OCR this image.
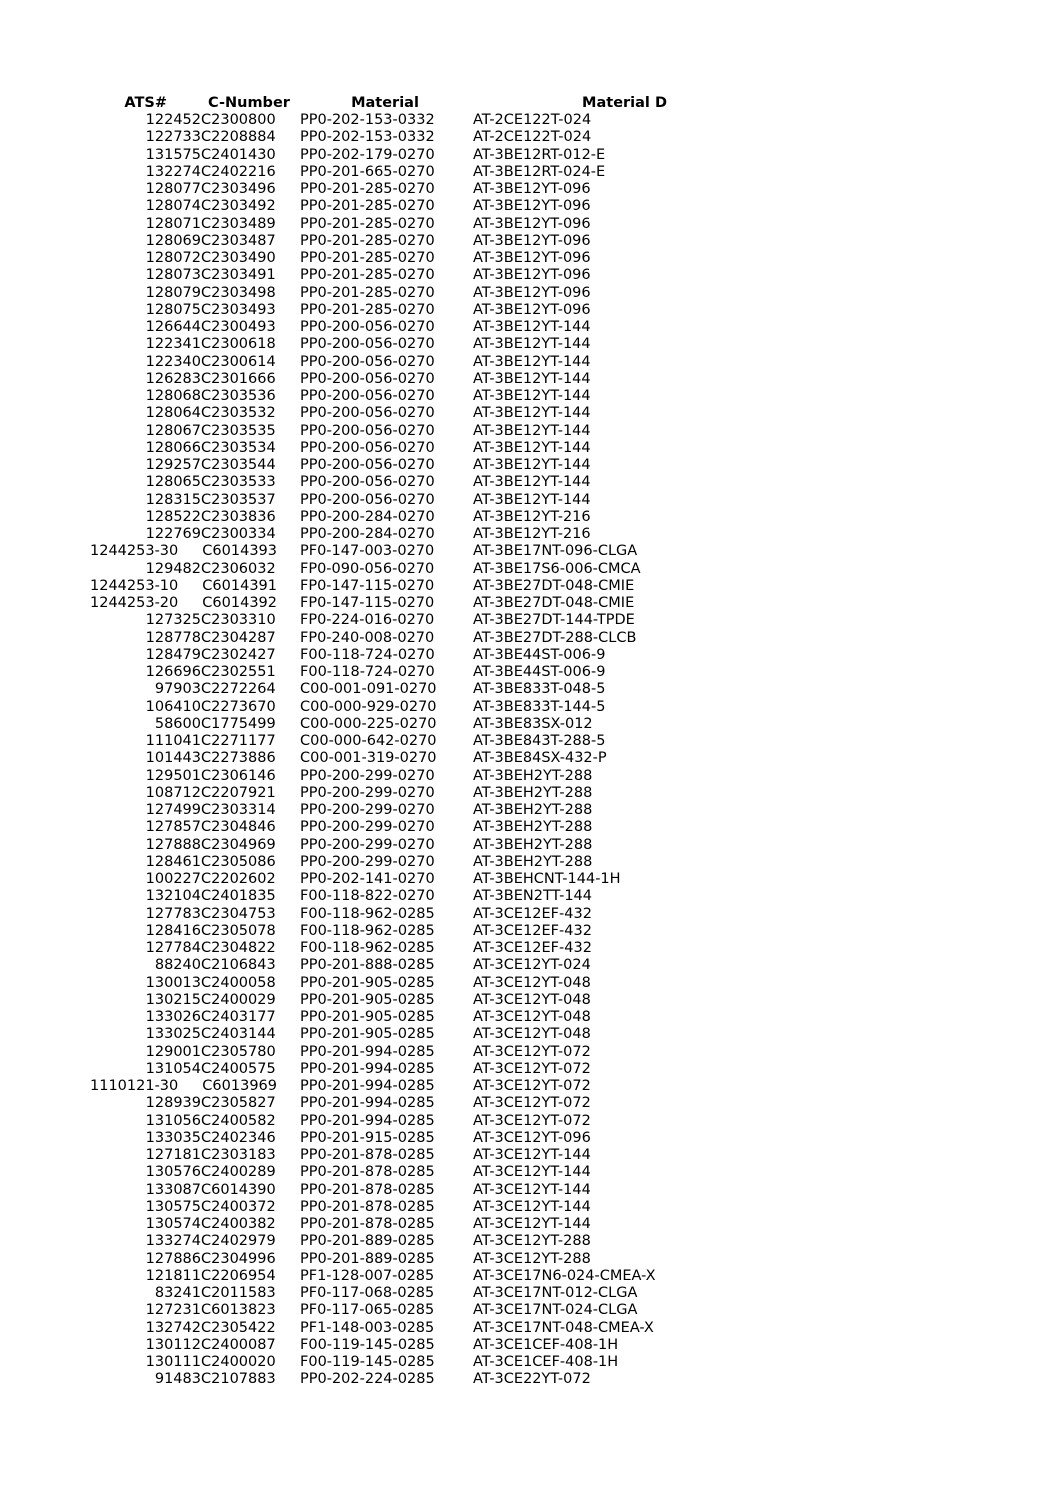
ATS#	C-Number	Material	Material D
122452 C2300800	PP0-202-153-0332	AT-2CE122T-024
122733 C2208884	PP0-202-153-0332	AT-2CE122T-024
131575 C2401430	PP0-202-179-0270	AT-3BE12RT-012-E
132274 C2402216	PP0-201-665-0270	AT-3BE12RT-024-E
128077 C2303496	PP0-201-285-0270	AT-3BE12YT-096
128074 C2303492	PP0-201-285-0270	AT-3BE12YT-096
128071 C2303489	PP0-201-285-0270	AT-3BE12YT-096
128069 C2303487	PP0-201-285-0270	AT-3BE12YT-096
128072 C2303490	PP0-201-285-0270	AT-3BE12YT-096
128073 C2303491	PP0-201-285-0270	AT-3BE12YT-096
128079 C2303498	PP0-201-285-0270	AT-3BE12YT-096
128075 C2303493	PP0-201-285-0270	AT-3BE12YT-096
126644 C2300493	PP0-200-056-0270	AT-3BE12YT-144
122341 C2300618	PP0-200-056-0270	AT-3BE12YT-144
122340 C2300614	PP0-200-056-0270	AT-3BE12YT-144
126283 C2301666	PP0-200-056-0270	AT-3BE12YT-144
128068 C2303536	PP0-200-056-0270	AT-3BE12YT-144
128064 C2303532	PP0-200-056-0270	AT-3BE12YT-144
128067 C2303535	PP0-200-056-0270	AT-3BE12YT-144
128066 C2303534	PP0-200-056-0270	AT-3BE12YT-144
129257 C2303544	PP0-200-056-0270	AT-3BE12YT-144
128065 C2303533	PP0-200-056-0270	AT-3BE12YT-144
128315 C2303537	PP0-200-056-0270	AT-3BE12YT-144
128522 C2303836	PP0-200-284-0270	AT-3BE12YT-216
122769 C2300334	PP0-200-284-0270	AT-3BE12YT-216
1244253-30	C6014393 PF0-147-003-0270	AT-3BE17NT-096-CLGA
129482 C2306032	FP0-090-056-0270	AT-3BE17S6-006-CMCA
1244253-10	C6014391 FP0-147-115-0270	AT-3BE27DT-048-CMIE
1244253-20	C6014392 FP0-147-115-0270	AT-3BE27DT-048-CMIE
127325 C2303310	FP0-224-016-0270	AT-3BE27DT-144-TPDE
128778 C2304287	FP0-240-008-0270	AT-3BE27DT-288-CLCB
128479 C2302427	F00-118-724-0270	AT-3BE44ST-006-9
126696 C2302551	F00-118-724-0270	AT-3BE44ST-006-9
97903 C2272264	C00-001-091-0270	AT-3BE833T-048-5
106410 C2273670	C00-000-929-0270	AT-3BE833T-144-5
58600 C1775499	C00-000-225-0270	AT-3BE83SX-012
111041 C2271177	C00-000-642-0270	AT-3BE843T-288-5
101443 C2273886	C00-001-319-0270	AT-3BE84SX-432-P
129501 C2306146	PP0-200-299-0270	AT-3BEH2YT-288
108712 C2207921	PP0-200-299-0270	AT-3BEH2YT-288
127499 C2303314	PP0-200-299-0270	AT-3BEH2YT-288
127857 C2304846	PP0-200-299-0270	AT-3BEH2YT-288
127888 C2304969	PP0-200-299-0270	AT-3BEH2YT-288
128461 C2305086	PP0-200-299-0270	AT-3BEH2YT-288
100227 C2202602	PP0-202-141-0270	AT-3BEHCNT-144-1H
132104 C2401835	F00-118-822-0270	AT-3BEN2TT-144
127783 C2304753	F00-118-962-0285	AT-3CE12EF-432
128416 C2305078	F00-118-962-0285	AT-3CE12EF-432
127784 C2304822	F00-118-962-0285	AT-3CE12EF-432
88240 C2106843	PP0-201-888-0285	AT-3CE12YT-024
130013 C2400058	PP0-201-905-0285	AT-3CE12YT-048
130215 C2400029	PP0-201-905-0285	AT-3CE12YT-048
133026 C2403177	PP0-201-905-0285	AT-3CE12YT-048
133025 C2403144	PP0-201-905-0285	AT-3CE12YT-048
129001 C2305780	PP0-201-994-0285	AT-3CE12YT-072
131054 C2400575	PP0-201-994-0285	AT-3CE12YT-072
1110121-30	C6013969 PP0-201-994-0285	AT-3CE12YT-072
128939 C2305827	PP0-201-994-0285	AT-3CE12YT-072
131056 C2400582	PP0-201-994-0285	AT-3CE12YT-072
133035 C2402346	PP0-201-915-0285	AT-3CE12YT-096
127181 C2303183	PP0-201-878-0285	AT-3CE12YT-144
130576 C2400289	PP0-201-878-0285	AT-3CE12YT-144
133087 C6014390	PP0-201-878-0285	AT-3CE12YT-144
130575 C2400372	PP0-201-878-0285	AT-3CE12YT-144
130574 C2400382	PP0-201-878-0285	AT-3CE12YT-144
133274 C2402979	PP0-201-889-0285	AT-3CE12YT-288
127886 C2304996	PP0-201-889-0285	AT-3CE12YT-288
121811 C2206954	PF1-128-007-0285	AT-3CE17N6-024-CMEA-X
83241 C2011583	PF0-117-068-0285	AT-3CE17NT-012-CLGA
127231 C6013823	PF0-117-065-0285	AT-3CE17NT-024-CLGA
132742 C2305422	PF1-148-003-0285	AT-3CE17NT-048-CMEA-X
130112 C2400087	F00-119-145-0285	AT-3CE1CEF-408-1H
130111 C2400020	F00-119-145-0285	AT-3CE1CEF-408-1H
91483 C2107883	PP0-202-224-0285	AT-3CE22YT-072
